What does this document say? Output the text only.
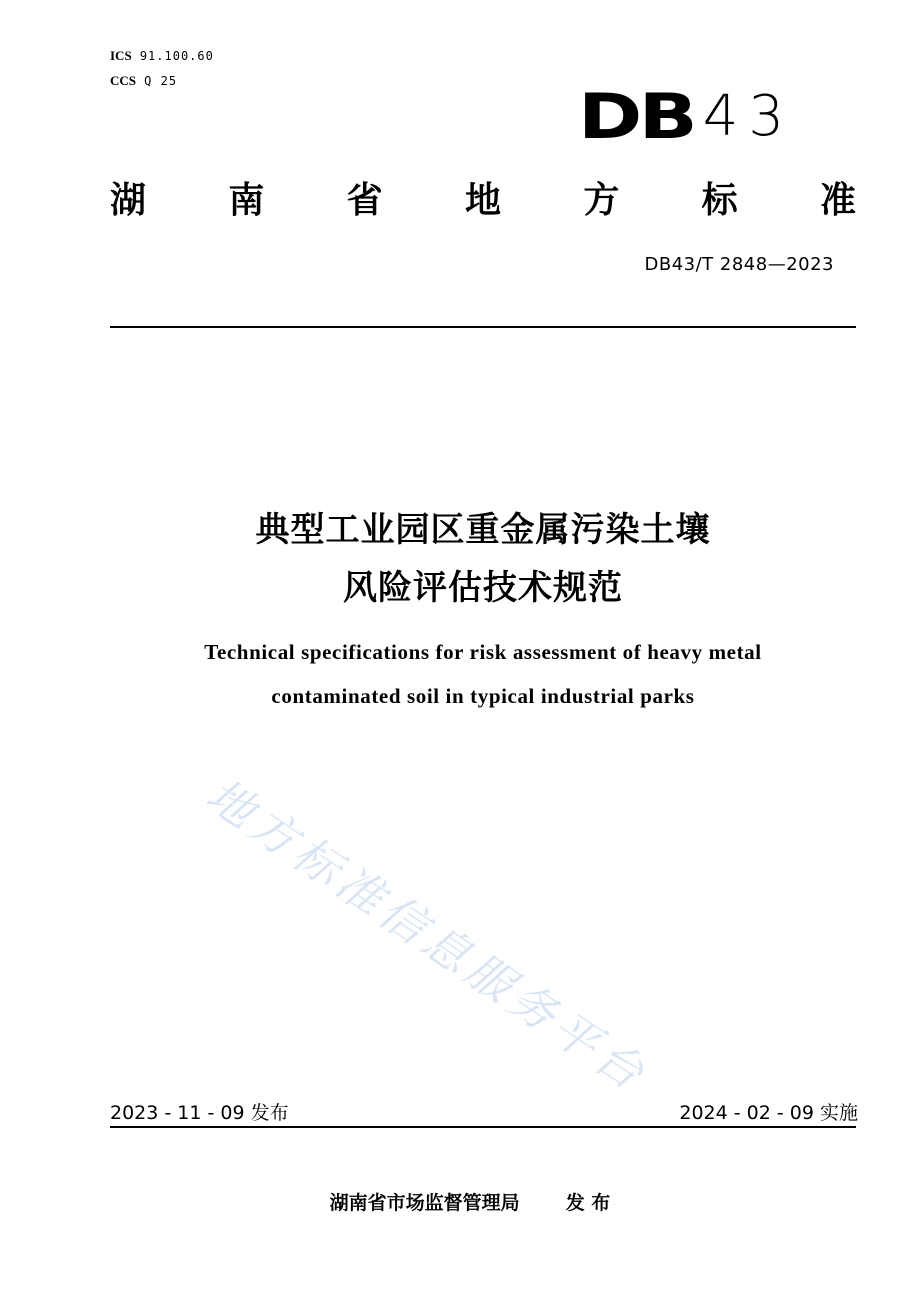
ICS 91.100.60
CCS Q 25	DB 43
湖 南 省 地 方 标 准
DB43/T 2848—2023
典型工业园区重金属污染土壤
风险评估技术规范
Technical specifications for risk assessment of heavy metal
contaminated soil in typical industrial parks
地方标准信息服务平台
2023 - 11 - 09 发布	2024 - 02 - 09 实施
湖南省市场监督管理局 发 布
